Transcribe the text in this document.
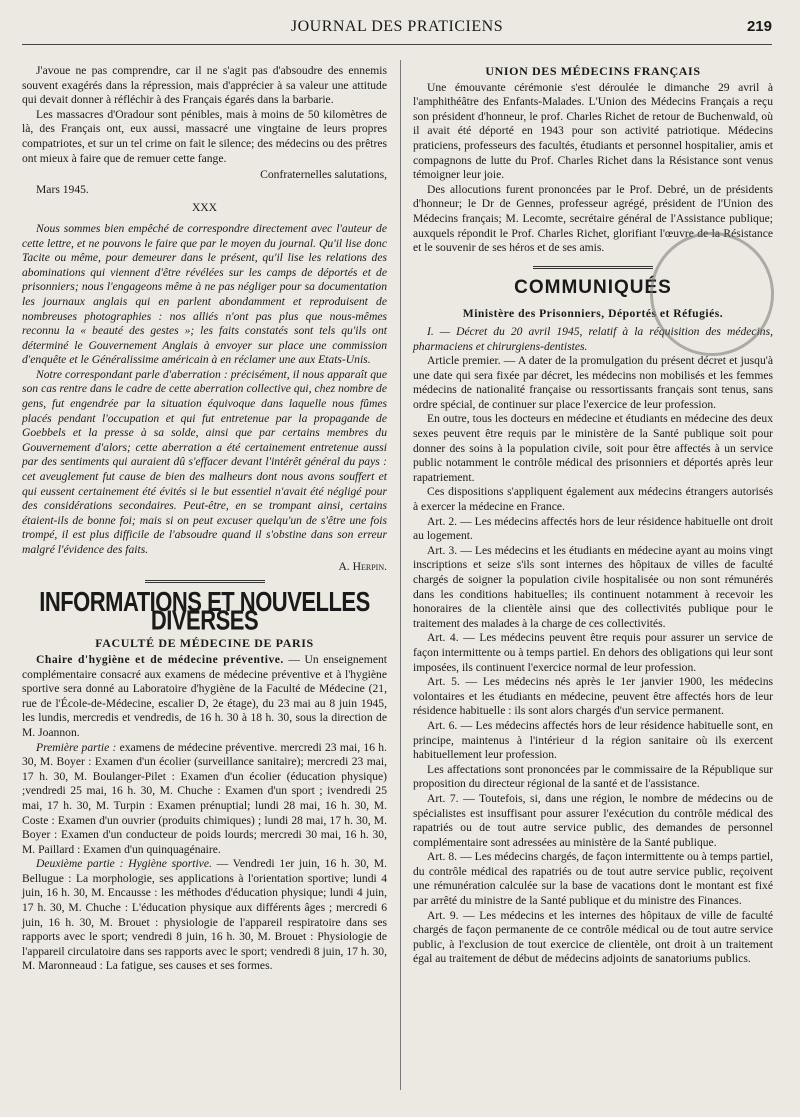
JOURNAL DES PRATICIENS	219

J'avoue ne pas comprendre, car il ne s'agit pas d'absoudre des ennemis souvent exagérés dans la répression, mais d'apprécier à sa valeur une attitude qui devait donner à réfléchir à des Français égarés dans la barbarie.

Les massacres d'Oradour sont pénibles, mais à moins de 50 kilomètres de là, des Français ont, eux aussi, massacré une vingtaine de leurs propres compatriotes, et sur un tel crime on fait le silence; des médecins ou des prêtres ont mieux à faire que de remuer cette fange.

Confraternelles salutations,
Mars 1945.
XXX

Nous sommes bien empêché de correspondre directement avec l'auteur de cette lettre, et ne pouvons le faire que par le moyen du journal. Qu'il lise donc Tacite ou même, pour demeurer dans le présent, qu'il lise les relations des abominations qui viennent d'être révélées sur les camps de déportés et de prisonniers; nous l'engageons même à ne pas négliger pour sa documentation les journaux anglais qui en parlent abondamment et reproduisent de nombreuses photographies : nos alliés n'ont pas plus que nous-mêmes reconnu la « beauté des gestes »; les faits constatés sont tels qu'ils ont déterminé le Gouvernement Anglais à envoyer sur place une commission d'enquête et le Généralissime américain à en réclamer une aux Etats-Unis.

Notre correspondant parle d'aberration : précisément, il nous apparaît que son cas rentre dans le cadre de cette aberration collective qui, chez nombre de gens, fut engendrée par la situation équivoque dans laquelle nous fûmes placés pendant l'occupation et qui fut entretenue par la propagande de Goebbels et la presse à sa solde, ainsi que par certains membres du Gouvernement d'alors; cette aberration a été certainement entretenue aussi par des sentiments qui auraient dû s'effacer devant l'intérêt général du pays : cet aveuglement fut cause de bien des malheurs dont nous avons souffert et qui eussent certainement été évités si le but essentiel n'avait été négligé pour des considérations secondaires. Peut-être, en se trompant ainsi, certains étaient-ils de bonne foi; mais si on peut excuser quelqu'un de s'être une fois trompé, il est plus difficile de l'absoudre quand il s'obstine dans son erreur malgré l'évidence des faits.

A. Herpin.
INFORMATIONS ET NOUVELLES DIVERSES
FACULTÉ DE MÉDECINE DE PARIS

Chaire d'hygiène et de médecine préventive. — Un enseignement complémentaire consacré aux examens de médecine préventive et à l'hygiène sportive sera donné au Laboratoire d'hygiène de la Faculté de Médecine (21, rue de l'École-de-Médecine, escalier D, 2e étage), du 23 mai au 8 juin 1945, les lundis, mercredis et vendredis, de 16 h. 30 à 18 h. 30, sous la direction de M. Joannon.

Première partie : examens de médecine préventive. mercredi 23 mai, 16 h. 30, M. Boyer : Examen d'un écolier (surveillance sanitaire); mercredi 23 mai, 17 h. 30, M. Boulanger-Pilet : Examen d'un écolier (éducation physique) ;vendredi 25 mai, 16 h. 30, M. Chuche : Examen d'un sport ; ivendredi 25 mai, 17 h. 30, M. Turpin : Examen prénuptial; lundi 28 mai, 16 h. 30, M. Coste : Examen d'un ouvrier (produits chimiques) ; lundi 28 mai, 17 h. 30, M. Boyer : Examen d'un conducteur de poids lourds; mercredi 30 mai, 16 h. 30, M. Paillard : Examen d'un quinquagénaire.

Deuxième partie : Hygiène sportive. — Vendredi 1er juin, 16 h. 30, M. Bellugue : La morphologie, ses applications à l'orientation sportive; lundi 4 juin, 16 h. 30, M. Encausse : les méthodes d'éducation physique; lundi 4 juin, 17 h. 30, M. Chuche : L'éducation physique aux différents âges ; mercredi 6 juin, 16 h. 30, M. Brouet : physiologie de l'appareil respiratoire dans ses rapports avec le sport; vendredi 8 juin, 16 h. 30, M. Brouet : Physiologie de l'appareil circulatoire dans ses rapports avec le sport; vendredi 8 juin, 17 h. 30, M. Maronneaud : La fatigue, ses causes et ses formes.

UNION DES MÉDECINS FRANÇAIS

Une émouvante cérémonie s'est déroulée le dimanche 29 avril à l'amphithéâtre des Enfants-Malades. L'Union des Médecins Français a reçu son président d'honneur, le prof. Charles Richet de retour de Buchenwald, où il avait été déporté en 1943 pour son activité patriotique. Médecins praticiens, professeurs des facultés, étudiants et personnel hospitalier, amis et compagnons de lutte du Prof. Charles Richet dans la Résistance sont venus témoigner leur joie.

Des allocutions furent prononcées par le Prof. Debré, un de présidents d'honneur; le Dr de Gennes, professeur agrégé, président de l'Union des Médecins français; M. Lecomte, secrétaire général de l'Assistance publique; auxquels répondit le Prof. Charles Richet, glorifiant l'œuvre de la Résistance et le souvenir de ses héros et de ses amis.

COMMUNIQUÉS
Ministère des Prisonniers, Déportés et Réfugiés.

I. — Décret du 20 avril 1945, relatif à la réquisition des médecins, pharmaciens et chirurgiens-dentistes.

Article premier. — A dater de la promulgation du présent décret et jusqu'à une date qui sera fixée par décret, les médecins non mobilisés et les femmes médecins de nationalité française ou ressortissants français sont tenus, sans ordre spécial, de continuer sur place l'exercice de leur profession.

En outre, tous les docteurs en médecine et étudiants en médecine des deux sexes peuvent être requis par le ministère de la Santé publique soit pour donner des soins à la population civile, soit pour être affectés à un service public notamment le contrôle médical des prisonniers et déportés après leur rapatriement.

Ces dispositions s'appliquent également aux médecins étrangers autorisés à exercer la médecine en France.

Art. 2. — Les médecins affectés hors de leur résidence habituelle ont droit au logement.

Art. 3. — Les médecins et les étudiants en médecine ayant au moins vingt inscriptions et seize s'ils sont internes des hôpitaux de villes de faculté chargés de soigner la population civile hospitalisée ou non sont rémunérés dans les conditions habituelles; ils continuent notamment à recevoir les honoraires de la clientèle ainsi que des collectivités publique pour le traitement des malades à la charge de ces collectivités.

Art. 4. — Les médecins peuvent être requis pour assurer un service de façon intermittente ou à temps partiel. En dehors des obligations qui leur sont imposées, ils continuent l'exercice normal de leur profession.

Art. 5. — Les médecins nés après le 1er janvier 1900, les médecins volontaires et les étudiants en médecine, peuvent être affectés hors de leur résidence habituelle : ils sont alors chargés d'un service permanent.

Art. 6. — Les médecins affectés hors de leur résidence habituelle sont, en principe, maintenus à l'intérieur d la région sanitaire où ils exercent habituellement leur profession.

Les affectations sont prononcées par le commissaire de la République sur proposition du directeur régional de la santé et de l'assistance.

Art. 7. — Toutefois, si, dans une région, le nombre de médecins ou de spécialistes est insuffisant pour assurer l'exécution du contrôle médical des rapatriés ou de tout autre service public, des demandes de personnel complémentaire sont adressées au ministère de la Santé publique.

Art. 8. — Les médecins chargés, de façon intermittente ou à temps partiel, du contrôle médical des rapatriés ou de tout autre service public, reçoivent une rémunération calculée sur la base de vacations dont le montant est fixé par arrêté du ministre de la Santé publique et du ministre des Finances.

Art. 9. — Les médecins et les internes des hôpitaux de ville de faculté chargés de façon permanente de ce contrôle médical ou de tout autre service public, à l'exclusion de tout exercice de clientèle, ont droit à un traitement égal au traitement de début de médecins adjoints de sanatoriums publics.
